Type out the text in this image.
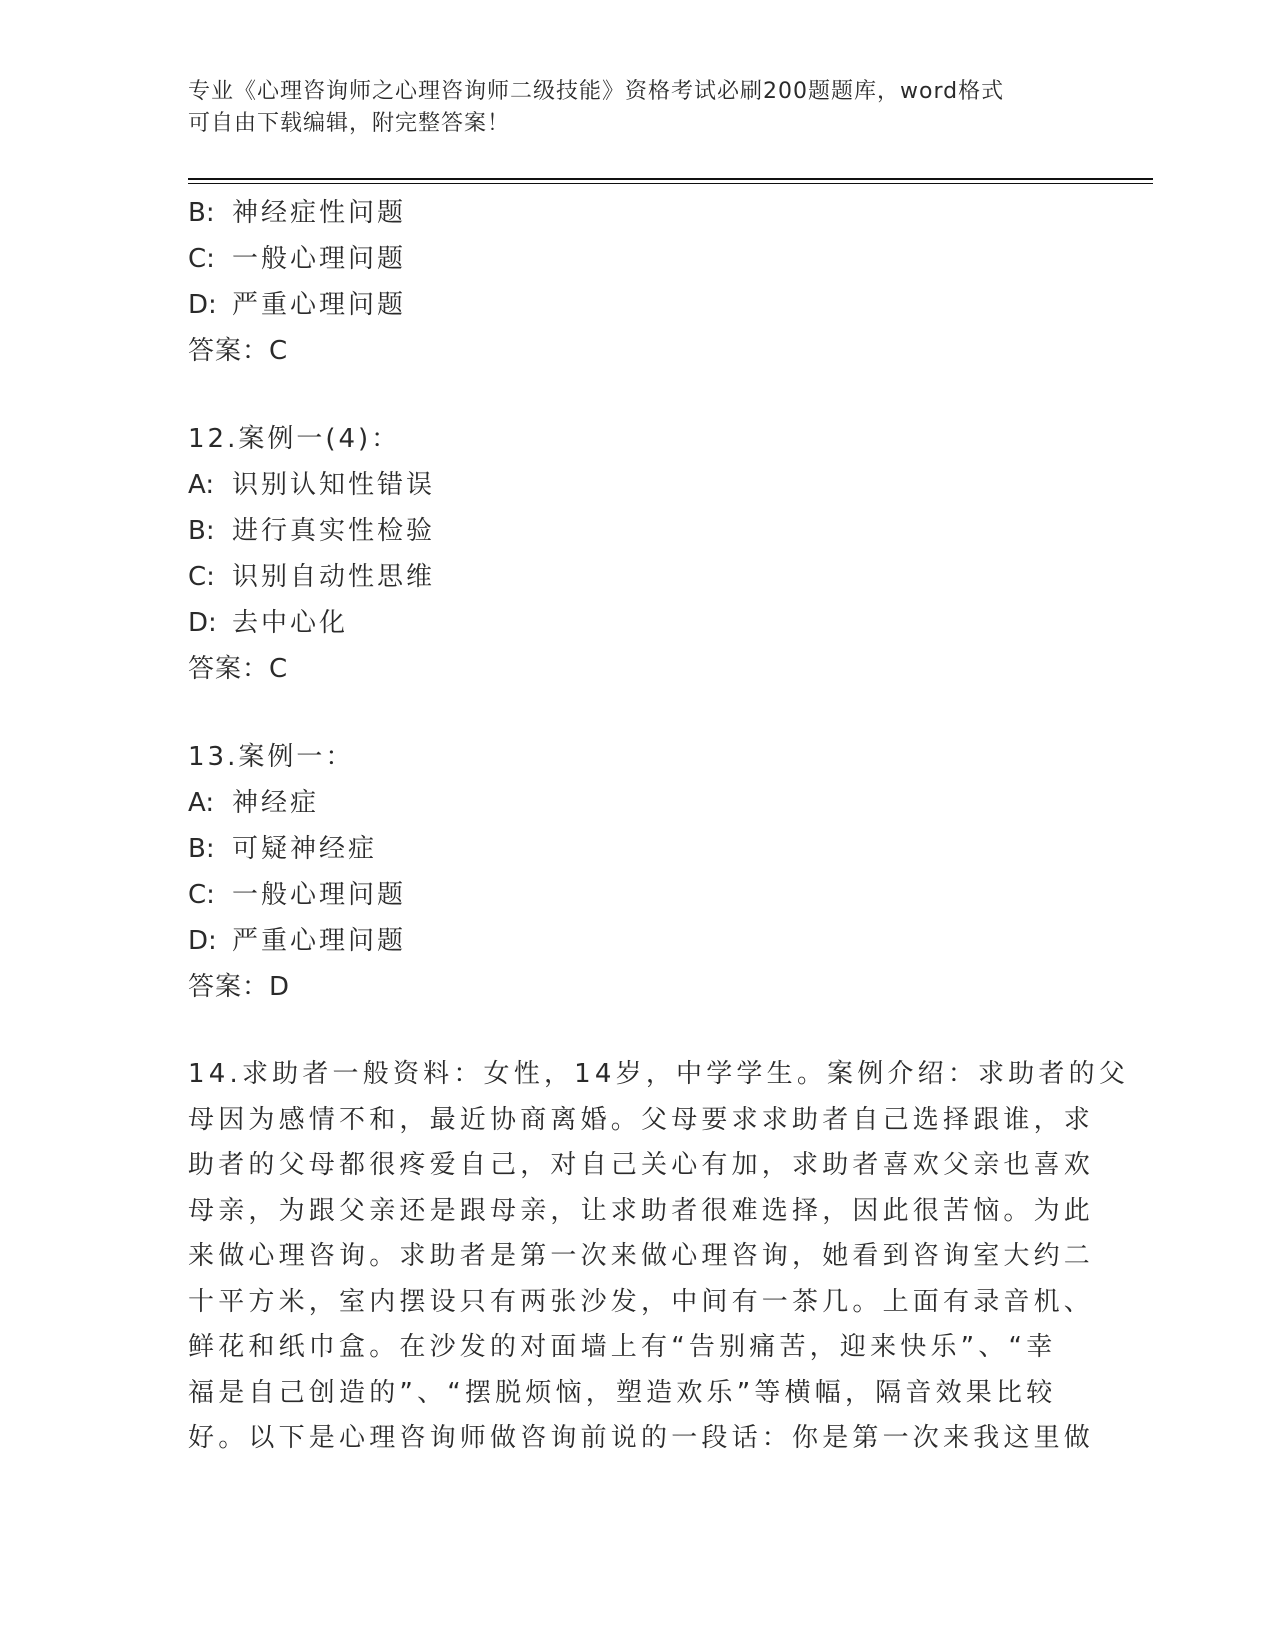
专业《心理咨询师之心理咨询师二级技能》资格考试必刷200题题库，word格式
可自由下载编辑，附完整答案！
B: 神经症性问题
C: 一般心理问题
D: 严重心理问题
答案：C
12.案例一(4)：
A: 识别认知性错误
B: 进行真实性检验
C: 识别自动性思维
D: 去中心化
答案：C
13.案例一：
A: 神经症
B: 可疑神经症
C: 一般心理问题
D: 严重心理问题
答案：D
14.求助者一般资料：女性，14岁，中学学生。案例介绍：求助者的父
母因为感情不和，最近协商离婚。父母要求求助者自己选择跟谁，求
助者的父母都很疼爱自己，对自己关心有加，求助者喜欢父亲也喜欢
母亲，为跟父亲还是跟母亲，让求助者很难选择，因此很苦恼。为此
来做心理咨询。求助者是第一次来做心理咨询，她看到咨询室大约二
十平方米，室内摆设只有两张沙发，中间有一茶几。上面有录音机、
鲜花和纸巾盒。在沙发的对面墙上有“告别痛苦，迎来快乐”、“幸
福是自己创造的”、“摆脱烦恼，塑造欢乐”等横幅，隔音效果比较
好。以下是心理咨询师做咨询前说的一段话：你是第一次来我这里做
